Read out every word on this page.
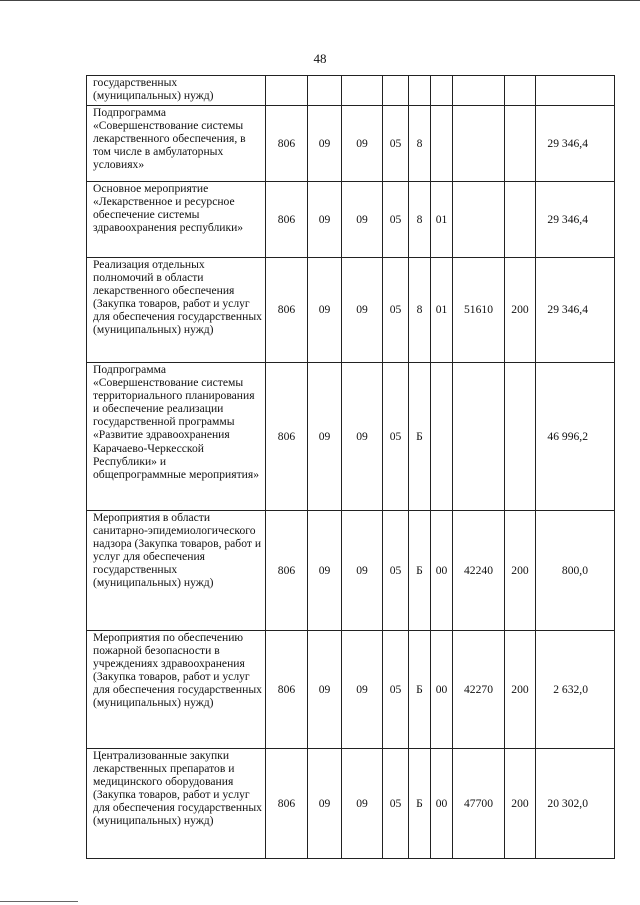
48
государственных (муниципальных) нужд)									
Подпрограмма «Совершенствование системы лекарственного обеспечения, в том числе в амбулаторных условиях»	806	09	09	05	8				29 346,4
Основное мероприятие «Лекарственное и ресурсное обеспечение системы здравоохранения республики»	806	09	09	05	8	01			29 346,4
Реализация отдельных полномочий в области лекарственного обеспечения (Закупка товаров, работ и услуг для обеспечения государственных (муниципальных) нужд)	806	09	09	05	8	01	51610	200	29 346,4
Подпрограмма «Совершенствование системы территориального планирования и обеспечение реализации государственной программы «Развитие здравоохранения Карачаево-Черкесской Республики» и общепрограммные мероприятия»	806	09	09	05	Б				46 996,2
Мероприятия в области санитарно-эпидемиологического надзора (Закупка товаров, работ и услуг для обеспечения государственных (муниципальных) нужд)	806	09	09	05	Б	00	42240	200	800,0
Мероприятия по обеспечению пожарной безопасности в учреждениях здравоохранения (Закупка товаров, работ и услуг для обеспечения государственных (муниципальных) нужд)	806	09	09	05	Б	00	42270	200	2 632,0
Централизованные закупки лекарственных препаратов и медицинского оборудования (Закупка товаров, работ и услуг для обеспечения государственных (муниципальных) нужд)	806	09	09	05	Б	00	47700	200	20 302,0
